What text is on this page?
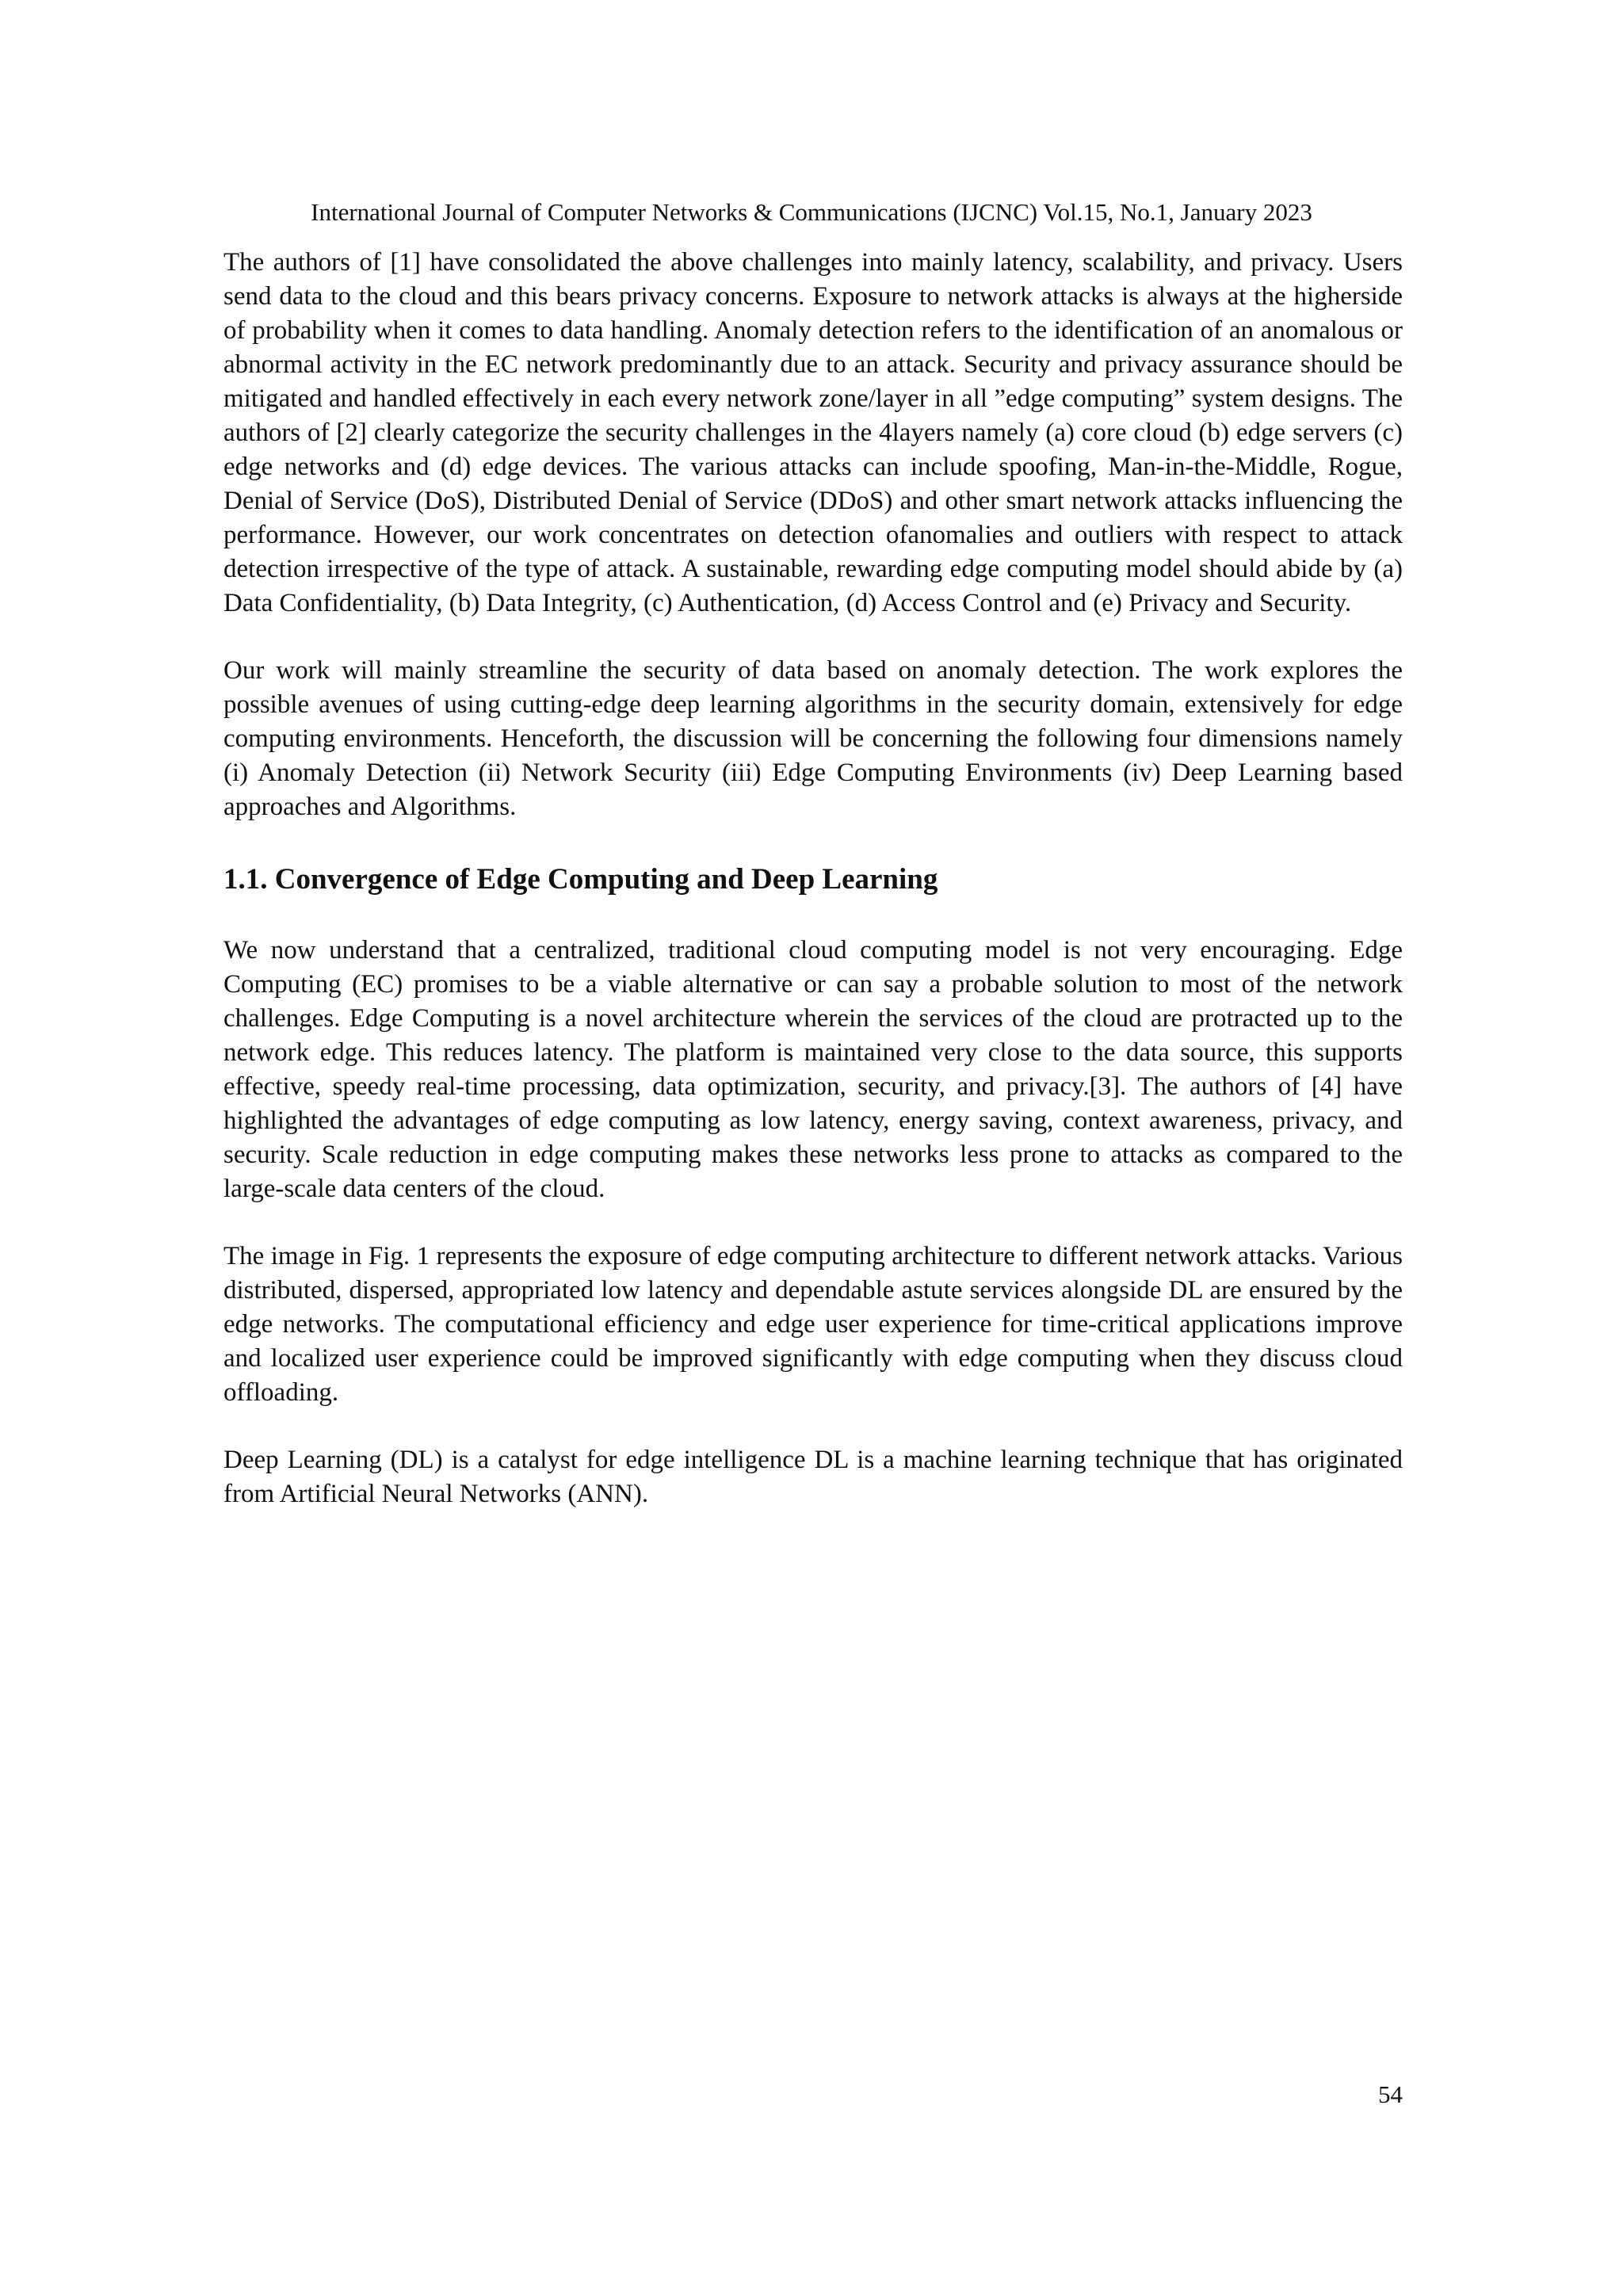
International Journal of Computer Networks & Communications (IJCNC) Vol.15, No.1, January 2023

The authors of [1] have consolidated the above challenges into mainly latency, scalability, and privacy. Users send data to the cloud and this bears privacy concerns. Exposure to network attacks is always at the higherside of probability when it comes to data handling. Anomaly detection refers to the identification of an anomalous or abnormal activity in the EC network predominantly due to an attack. Security and privacy assurance should be mitigated and handled effectively in each every network zone/layer in all ”edge computing” system designs. The authors of [2] clearly categorize the security challenges in the 4layers namely (a) core cloud (b) edge servers (c) edge networks and (d) edge devices. The various attacks can include spoofing, Man-in-the-Middle, Rogue, Denial of Service (DoS), Distributed Denial of Service (DDoS) and other smart network attacks influencing the performance. However, our work concentrates on detection ofanomalies and outliers with respect to attack detection irrespective of the type of attack. A sustainable, rewarding edge computing model should abide by (a) Data Confidentiality, (b) Data Integrity, (c) Authentication, (d) Access Control and (e) Privacy and Security.

Our work will mainly streamline the security of data based on anomaly detection. The work explores the possible avenues of using cutting-edge deep learning algorithms in the security domain, extensively for edge computing environments. Henceforth, the discussion will be concerning the following four dimensions namely (i) Anomaly Detection (ii) Network Security (iii) Edge Computing Environments (iv) Deep Learning based approaches and Algorithms.

1.1. Convergence of Edge Computing and Deep Learning

We now understand that a centralized, traditional cloud computing model is not very encouraging. Edge Computing (EC) promises to be a viable alternative or can say a probable solution to most of the network challenges. Edge Computing is a novel architecture wherein the services of the cloud are protracted up to the network edge. This reduces latency. The platform is maintained very close to the data source, this supports effective, speedy real-time processing, data optimization, security, and privacy.[3]. The authors of [4] have highlighted the advantages of edge computing as low latency, energy saving, context awareness, privacy, and security. Scale reduction in edge computing makes these networks less prone to attacks as compared to the large-scale data centers of the cloud.

The image in Fig. 1 represents the exposure of edge computing architecture to different network attacks. Various distributed, dispersed, appropriated low latency and dependable astute services alongside DL are ensured by the edge networks. The computational efficiency and edge user experience for time-critical applications improve and localized user experience could be improved significantly with edge computing when they discuss cloud offloading.

Deep Learning (DL) is a catalyst for edge intelligence DL is a machine learning technique that has originated from Artificial Neural Networks (ANN).

54
